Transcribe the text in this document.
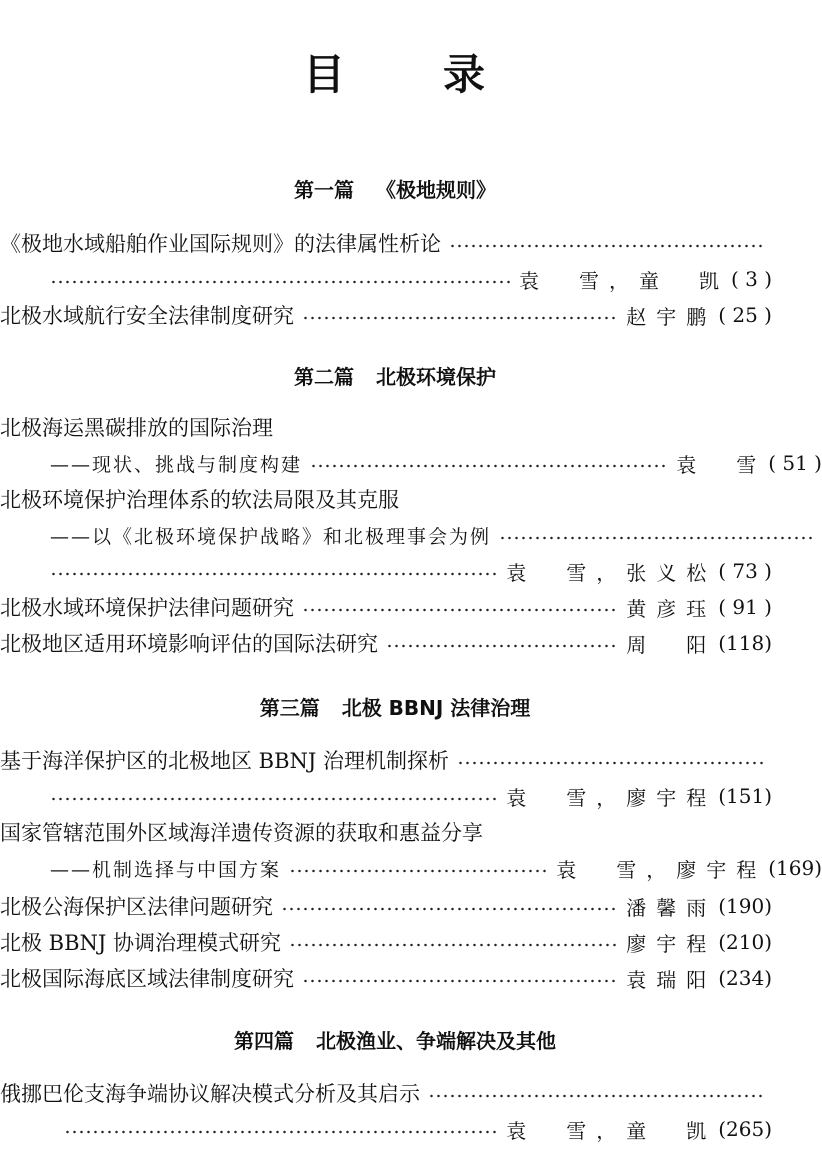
目 录
第一篇 《极地规则》
《极地水域船舶作业国际规则》的法律属性析论
袁　雪，童　凯 ( 3 )
北极水域航行安全法律制度研究	赵宇鹏 ( 25 )
第二篇 北极环境保护
北极海运黑碳排放的国际治理
——现状、挑战与制度构建	袁　雪 ( 51 )
北极环境保护治理体系的软法局限及其克服
——以《北极环境保护战略》和北极理事会为例
袁　雪，张义松 ( 73 )
北极水域环境保护法律问题研究	黄彦珏 ( 91 )
北极地区适用环境影响评估的国际法研究	周　阳 (118)
第三篇 北极 BBNJ 法律治理
基于海洋保护区的北极地区 BBNJ 治理机制探析
袁　雪，廖宇程 (151)
国家管辖范围外区域海洋遗传资源的获取和惠益分享
——机制选择与中国方案	袁　雪，廖宇程 (169)
北极公海保护区法律问题研究	潘馨雨 (190)
北极 BBNJ 协调治理模式研究	廖宇程 (210)
北极国际海底区域法律制度研究	袁瑞阳 (234)
第四篇 北极渔业、争端解决及其他
俄挪巴伦支海争端协议解决模式分析及其启示
袁　雪，童　凯 (265)
